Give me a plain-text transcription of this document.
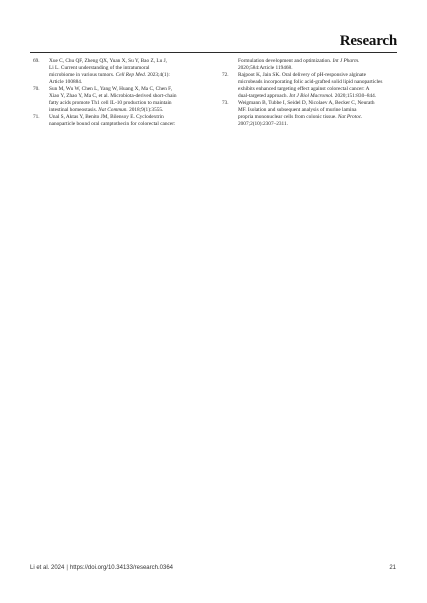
Research
69. Xue C, Chu QF, Zheng QX, Yuan X, Su Y, Bao Z, Lu J,
Li L. Current understanding of the intratumoral
microbiome in various tumors. Cell Rep Med. 2023;4(1):
Article 100884.
70. Sun M, Wu W, Chen L, Yang W, Huang X, Ma C, Chen F,
Xiao Y, Zhao Y, Ma C, et al. Microbiota-derived short-chain
fatty acids promote Th1 cell IL-10 production to maintain
intestinal homeostasis. Nat Commun. 2018;9(1):3555.
71. Unal S, Aktas Y, Benito JM, Bilensoy E. Cyclodextrin
nanoparticle bound oral camptothecin for colorectal cancer:
Formulation development and optimization. Int J Pharm.
2020;584:Article 119468.
72. Rajpoot K, Jain SK. Oral delivery of pH-responsive alginate
microbeads incorporating folic acid-grafted solid lipid nanoparticles
exhibits enhanced targeting effect against colorectal cancer: A
dual-targeted approach. Int J Biol Macromol. 2020;151:830–844.
73. Weigmann B, Tubbe I, Seidel D, Nicolaev A, Becker C, Neurath
MF. Isolation and subsequent analysis of murine lamina
propria mononuclear cells from colonic tissue. Nat Protoc.
2007;2(10):2307–2311.
Li et al. 2024 | https://doi.org/10.34133/research.0364	21
